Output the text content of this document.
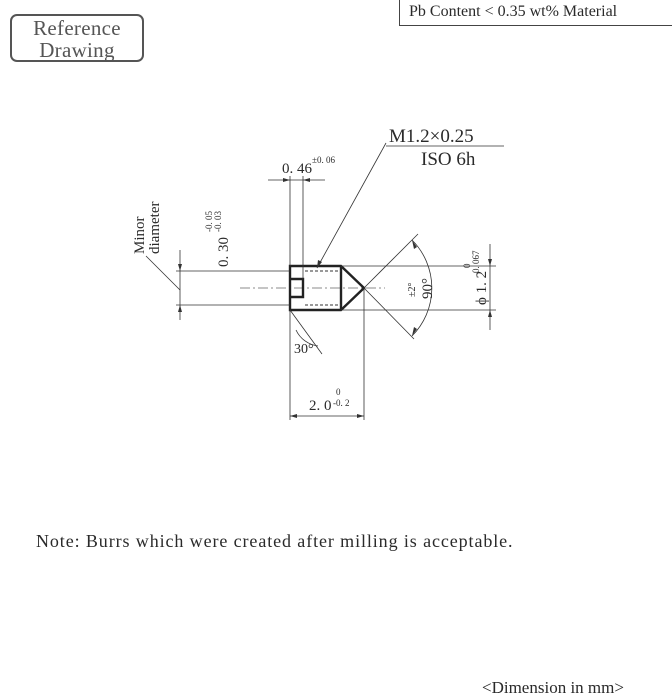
Reference
Drawing
Pb Content < 0.35 wt% Material
0. 46
±0. 06
Minor diameter	0. 30
-0. 05 -0. 03
M1.2×0.25
ISO 6h
90°
±2°	ϕ 1. 2
0 -0. 067
30°
2. 0
0
-0. 2
Note: Burrs which were created after milling is acceptable.
<Dimension in mm>
